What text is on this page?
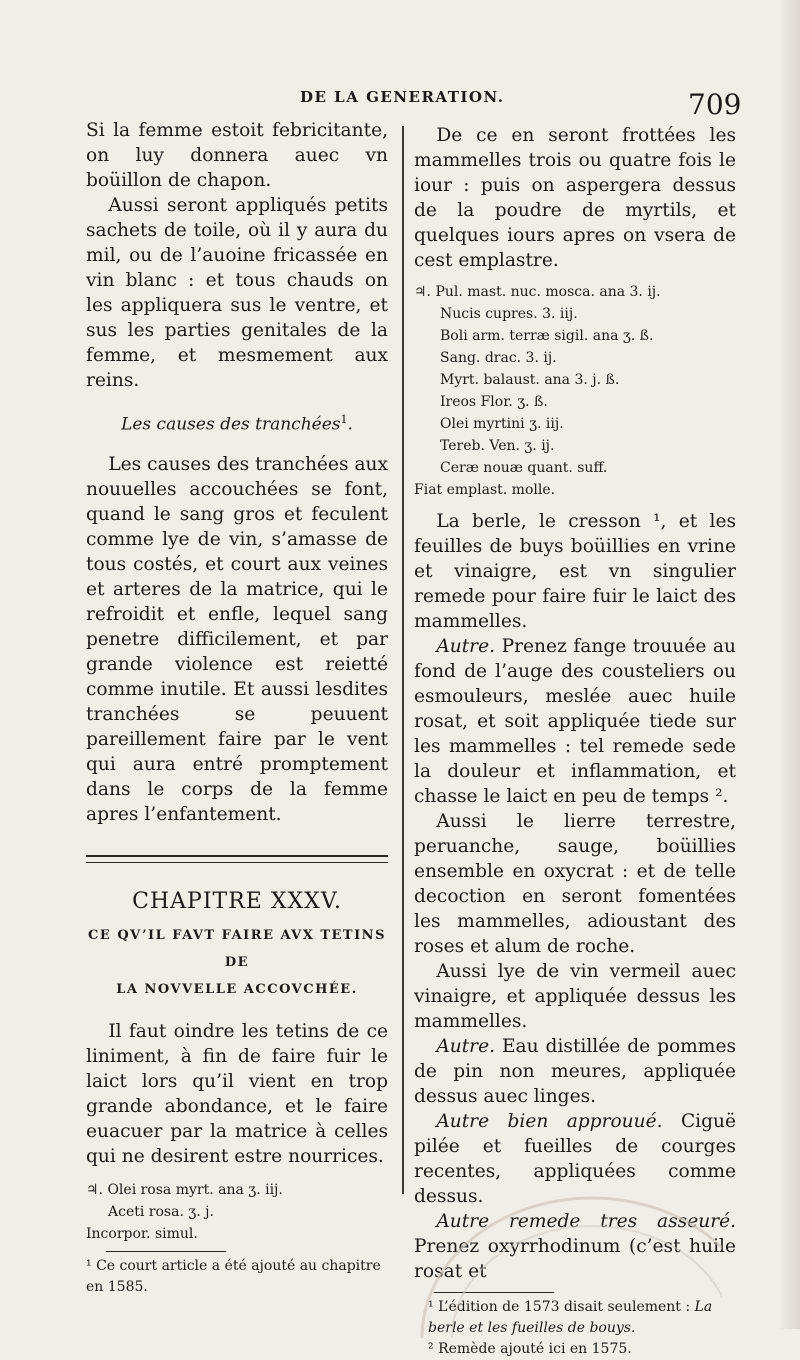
DE LA GENERATION.	709

Si la femme estoit febricitante, on luy donnera auec vn boüillon de chapon.

Aussi seront appliqués petits sachets de toile, où il y aura du mil, ou de l’auoine fricassée en vin blanc : et tous chauds on les appliquera sus le ventre, et sus les parties genitales de la femme, et mesmement aux reins.

Les causes des tranchées$^1$.

Les causes des tranchées aux nouuelles accouchées se font, quand le sang gros et feculent comme lye de vin, s’amasse de tous costés, et court aux veines et arteres de la matrice, qui le refroidit et enfle, lequel sang penetre difficilement, et par grande violence est reietté comme inutile. Et aussi lesdites tranchées se peuuent pareillement faire par le vent qui aura entré promptement dans le corps de la femme apres l’enfantement.

CHAPITRE XXXV.

CE QV’IL FAVT FAIRE AVX TETINS DE

LA NOVVELLE ACCOVCHÉE.

Il faut oindre les tetins de ce liniment, à fin de faire fuir le laict lors qu’il vient en trop grande abondance, et le faire euacuer par la matrice à celles qui ne desirent estre nourrices.

♃. Olei rosa myrt. ana ʒ. iij.

Aceti rosa. ʒ. j.

Incorpor. simul.

¹ Ce court article a été ajouté au chapitre en 1585.

De ce en seront frottées les mammelles trois ou quatre fois le iour : puis on aspergera dessus de la poudre de myrtils, et quelques iours apres on vsera de cest emplastre.

♃. Pul. mast. nuc. mosca. ana 3. ij.

Nucis cupres. 3. iij.

Boli arm. terræ sigil. ana ʒ. ß.

Sang. drac. 3. ij.

Myrt. balaust. ana 3. j. ß.

Ireos Flor. ʒ. ß.

Olei myrtini ʒ. iij.

Tereb. Ven. ʒ. ij.

Ceræ nouæ quant. suff.

Fiat emplast. molle.

La berle, le cresson ¹, et les feuilles de buys boüillies en vrine et vinaigre, est vn singulier remede pour faire fuir le laict des mammelles.

Autre. Prenez fange trouuée au fond de l’auge des cousteliers ou esmouleurs, meslée auec huile rosat, et soit appliquée tiede sur les mammelles : tel remede sede la douleur et inflammation, et chasse le laict en peu de temps ².

Aussi le lierre terrestre, peruanche, sauge, boüillies ensemble en oxycrat : et de telle decoction en seront fomentées les mammelles, adioustant des roses et alum de roche.

Aussi lye de vin vermeil auec vinaigre, et appliquée dessus les mammelles.

Autre. Eau distillée de pommes de pin non meures, appliquée dessus auec linges.

Autre bien approuué. Ciguë pilée et fueilles de courges recentes, appliquées comme dessus.

Autre remede tres asseuré. Prenez oxyrrhodinum (c’est huile rosat et

¹ L’édition de 1573 disait seulement : La berle et les fueilles de bouys.

² Remède ajouté ici en 1575.
